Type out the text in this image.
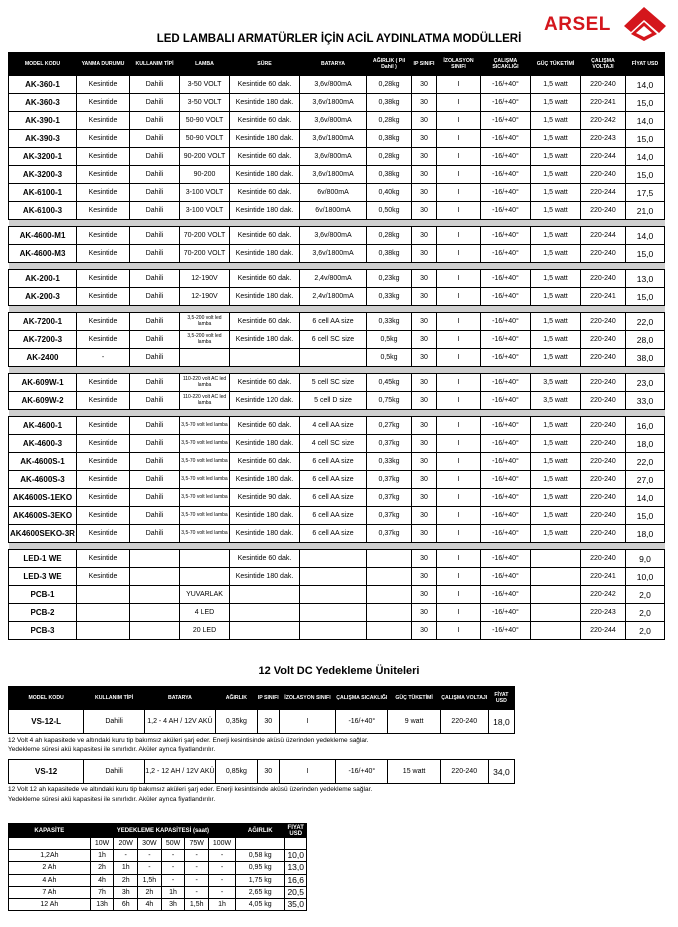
ARSEL
LED LAMBALI ARMATÜRLER İÇİN ACİL AYDINLATMA MODÜLLERİ
MODEL KODU	YANMA DURUMU	KULLANIM TİPİ	LAMBA	SÜRE	BATARYA	AĞIRLIK ( Pil Dahil )	IP SINIFI	İZOLASYON SINIFI	ÇALIŞMA SICAKLIĞI	GÜÇ TÜKETİMİ	ÇALIŞMA VOLTAJI	FİYAT USD
AK-360-1	Kesintide	Dahili	3-50 VOLT	Kesintide 60 dak.	3,6v/800mA	0,28kg	30	I	-16/+40°	1,5 watt	220-240	14,0
AK-360-3	Kesintide	Dahili	3-50 VOLT	Kesintide 180 dak.	3,6v/1800mA	0,38kg	30	I	-16/+40°	1,5 watt	220-241	15,0
AK-390-1	Kesintide	Dahili	50-90 VOLT	Kesintide 60 dak.	3,6v/800mA	0,28kg	30	I	-16/+40°	1,5 watt	220-242	14,0
AK-390-3	Kesintide	Dahili	50-90 VOLT	Kesintide 180 dak.	3,6v/1800mA	0,38kg	30	I	-16/+40°	1,5 watt	220-243	15,0
AK-3200-1	Kesintide	Dahili	90-200 VOLT	Kesintide 60 dak.	3,6v/800mA	0,28kg	30	I	-16/+40°	1,5 watt	220-244	14,0
AK-3200-3	Kesintide	Dahili	90-200	Kesintide 180 dak.	3,6v/1800mA	0,38kg	30	I	-16/+40°	1,5 watt	220-240	15,0
AK-6100-1	Kesintide	Dahili	3-100 VOLT	Kesintide 60 dak.	6v/800mA	0,40kg	30	I	-16/+40°	1,5 watt	220-244	17,5
AK-6100-3	Kesintide	Dahili	3-100 VOLT	Kesintide 180 dak.	6v/1800mA	0,50kg	30	I	-16/+40°	1,5 watt	220-240	21,0

AK-4600-M1	Kesintide	Dahili	70-200 VOLT	Kesintide 60 dak.	3,6v/800mA	0,28kg	30	I	-16/+40°	1,5 watt	220-244	14,0
AK-4600-M3	Kesintide	Dahili	70-200 VOLT	Kesintide 180 dak.	3,6v/1800mA	0,38kg	30	I	-16/+40°	1,5 watt	220-240	15,0

AK-200-1	Kesintide	Dahili	12-190V	Kesintide 60 dak.	2,4v/800mA	0,23kg	30	I	-16/+40°	1,5 watt	220-240	13,0
AK-200-3	Kesintide	Dahili	12-190V	Kesintide 180 dak.	2,4v/1800mA	0,33kg	30	I	-16/+40°	1,5 watt	220-241	15,0

AK-7200-1	Kesintide	Dahili	3,5-200 volt led lamba	Kesintide 60 dak.	6 cell AA size	0,33kg	30	I	-16/+40°	1,5 watt	220-240	22,0
AK-7200-3	Kesintide	Dahili	3,5-200 volt led lamba	Kesintide 180 dak.	6 cell SC size	0,5kg	30	I	-16/+40°	1,5 watt	220-240	28,0
AK-2400	-	Dahili				0,5kg	30	I	-16/+40°	1,5 watt	220-240	38,0

AK-609W-1	Kesintide	Dahili	110-220 volt AC led lamba	Kesintide 60 dak.	5 cell SC size	0,45kg	30	I	-16/+40°	3,5 watt	220-240	23,0
AK-609W-2	Kesintide	Dahili	110-220 volt AC led lamba	Kesintide 120 dak.	5 cell D size	0,75kg	30	I	-16/+40°	3,5 watt	220-240	33,0

AK-4600-1	Kesintide	Dahili	3,5-70 volt led lamba	Kesintide 60 dak.	4 cell AA size	0,27kg	30	I	-16/+40°	1,5 watt	220-240	16,0
AK-4600-3	Kesintide	Dahili	3,5-70 volt led lamba	Kesintide 180 dak.	4 cell SC size	0,37kg	30	I	-16/+40°	1,5 watt	220-240	18,0
AK-4600S-1	Kesintide	Dahili	3,5-70 volt led lamba	Kesintide 60 dak.	6 cell AA size	0,33kg	30	I	-16/+40°	1,5 watt	220-240	22,0
AK-4600S-3	Kesintide	Dahili	3,5-70 volt led lamba	Kesintide 180 dak.	6 cell AA size	0,37kg	30	I	-16/+40°	1,5 watt	220-240	27,0
AK4600S-1EKO	Kesintide	Dahili	3,5-70 volt led lamba	Kesintide 90 dak.	6 cell AA size	0,37kg	30	I	-16/+40°	1,5 watt	220-240	14,0
AK4600S-3EKO	Kesintide	Dahili	3,5-70 volt led lamba	Kesintide 180 dak.	6 cell AA size	0,37kg	30	I	-16/+40°	1,5 watt	220-240	15,0
AK4600SEKO-3R	Kesintide	Dahili	3,5-70 volt led lamba	Kesintide 180 dak.	6 cell AA size	0,37kg	30	I	-16/+40°	1,5 watt	220-240	18,0

LED-1 WE	Kesintide			Kesintide 60 dak.			30	I	-16/+40°		220-240	9,0
LED-3 WE	Kesintide			Kesintide 180 dak.			30	I	-16/+40°		220-241	10,0
PCB-1			YUVARLAK				30	I	-16/+40°		220-242	2,0
PCB-2			4 LED				30	I	-16/+40°		220-243	2,0
PCB-3			20 LED				30	I	-16/+40°		220-244	2,0
12 Volt DC Yedekleme Üniteleri
MODEL KODU	KULLANIM TİPİ	BATARYA	AĞIRLIK	IP SINIFI	İZOLASYON SINIFI	ÇALIŞMA SICAKLIĞI	GÜÇ TÜKETİMİ	ÇALIŞMA VOLTAJI	FİYAT USD
VS-12-L	Dahili	1,2 - 4 AH / 12V AKÜ	0,35kg	30	I	-16/+40°	9 watt	220-240	18,0
12 Volt 4 ah kapasitede ve altındaki kuru tip bakımsız aküleri şarj eder. Enerji kesintisinde aküsü üzerinden yedekleme sağlar.
Yedekleme süresi akü kapasitesi ile sınırlıdır. Aküler ayrıca fiyatlandırılır.
VS-12	Dahili	1,2 - 12 AH / 12V AKÜ	0,85kg	30	I	-16/+40°	15 watt	220-240	34,0
12 Volt 12 ah kapasitede ve altındaki kuru tip bakımsız aküleri şarj eder. Enerji kesintisinde aküsü üzerinden yedekleme sağlar.
Yedekleme süresi akü kapasitesi ile sınırlıdır. Aküler ayrıca fiyatlandırılır.
KAPASİTE	YEDEKLEME KAPASİTESİ (saat)						AĞIRLIK	FİYAT USD
	10W	20W	30W	50W	75W	100W		
1,2Ah	1h	-	-	-	-	-	0,58 kg	10,0
2 Ah	2h	1h	-	-	-	-	0,95 kg	13,0
4 Ah	4h	2h	1,5h	-	-	-	1,75 kg	16,6
7 Ah	7h	3h	2h	1h	-	-	2,65 kg	20,5
12 Ah	13h	6h	4h	3h	1,5h	1h	4,05 kg	35,0
